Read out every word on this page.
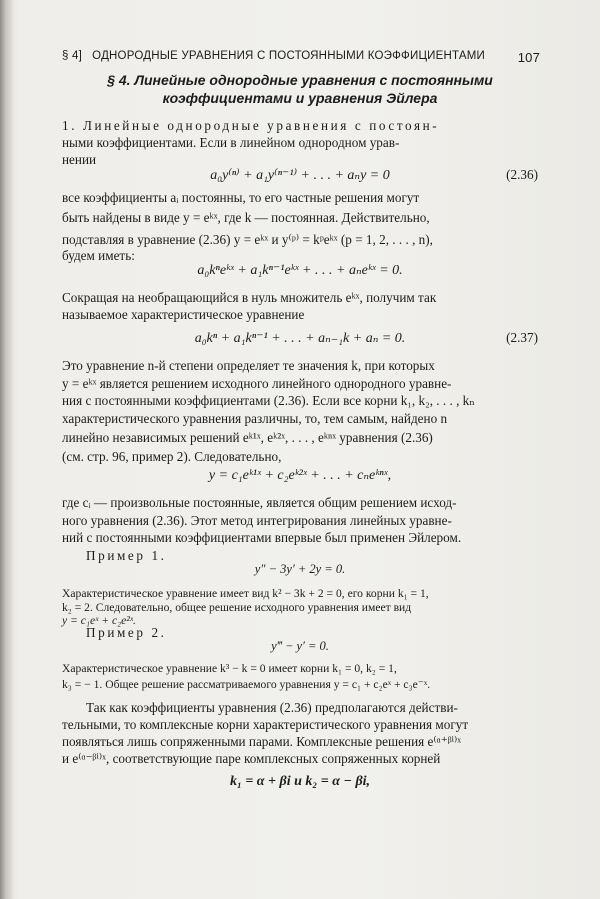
§ 4] ОДНОРОДНЫЕ УРАВНЕНИЯ С ПОСТОЯННЫМИ КОЭФФИЦИЕНТАМИ	107
§ 4. Линейные однородные уравнения с постоянными
коэффициентами и уравнения Эйлера
1. Линейные однородные уравнения с постоян-
ными коэффициентами. Если в линейном однородном урав-
нении
a₀y⁽ⁿ⁾ + a₁y⁽ⁿ⁻¹⁾ + . . . + aₙy = 0	(2.36)
все коэффициенты aᵢ постоянны, то его частные решения могут
быть найдены в виде y = eᵏˣ, где k — постоянная. Действительно,
подставляя в уравнение (2.36) y = eᵏˣ и y⁽ᵖ⁾ = kᵖeᵏˣ (p = 1, 2, . . . , n),
будем иметь:
a₀kⁿeᵏˣ + a₁kⁿ⁻¹eᵏˣ + . . . + aₙeᵏˣ = 0.
Сокращая на необращающийся в нуль множитель eᵏˣ, получим так
называемое характеристическое уравнение
a₀kⁿ + a₁kⁿ⁻¹ + . . . + aₙ₋₁k + aₙ = 0.	(2.37)
Это уравнение n-й степени определяет те значения k, при которых
y = eᵏˣ является решением исходного линейного однородного уравне-
ния с постоянными коэффициентами (2.36). Если все корни k₁, k₂, . . . , kₙ
характеристического уравнения различны, то, тем самым, найдено n
линейно независимых решений eᵏ¹ˣ, eᵏ²ˣ, . . . , eᵏⁿˣ уравнения (2.36)
(см. стр. 96, пример 2). Следовательно,
y = c₁eᵏ¹ˣ + c₂eᵏ²ˣ + . . . + cₙeᵏⁿˣ,
где cᵢ — произвольные постоянные, является общим решением исход-
ного уравнения (2.36). Этот метод интегрирования линейных уравне-
ний с постоянными коэффициентами впервые был применен Эйлером.
Пример 1.
y″ − 3y′ + 2y = 0.
Характеристическое уравнение имеет вид k² − 3k + 2 = 0, его корни k₁ = 1,
k₂ = 2. Следовательно, общее решение исходного уравнения имеет вид
y = c₁eˣ + c₂e²ˣ.
Пример 2.
y‴ − y′ = 0.
Характеристическое уравнение k³ − k = 0 имеет корни k₁ = 0, k₂ = 1,
k₃ = − 1. Общее решение рассматриваемого уравнения y = c₁ + c₂eˣ + c₃e⁻ˣ.
Так как коэффициенты уравнения (2.36) предполагаются действи-
тельными, то комплексные корни характеристического уравнения могут
появляться лишь сопряженными парами. Комплексные решения e⁽ᵅ⁺ᵝⁱ⁾ˣ
и e⁽ᵅ⁻ᵝⁱ⁾ˣ, соответствующие паре комплексных сопряженных корней
k₁ = α + βi и k₂ = α − βi,
